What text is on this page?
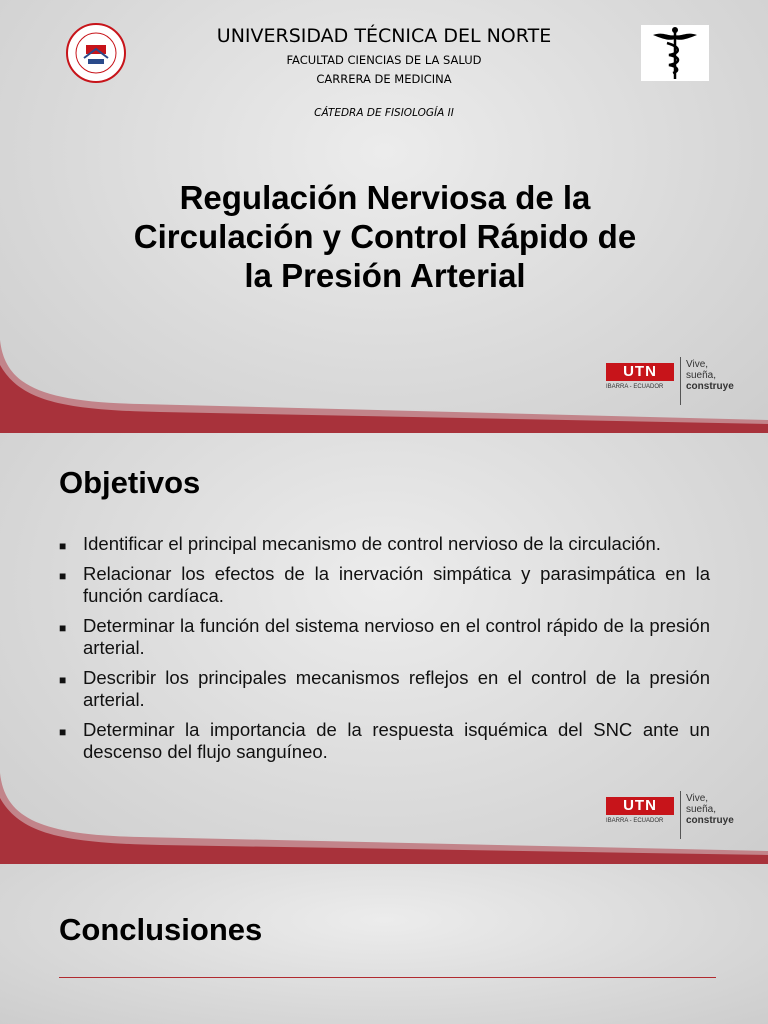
UNIVERSIDAD TÉCNICA DEL NORTE
FACULTAD CIENCIAS DE LA SALUD
CARRERA DE MEDICINA
CÁTEDRA DE FISIOLOGÍA II
Regulación Nerviosa de la
Circulación y Control Rápido de
la Presión Arterial
UTN
IBARRA - ECUADOR
Vive,
sueña,
construye
Objetivos
■ Identificar el principal mecanismo de control nervioso de la circulación.
■ Relacionar los efectos de la inervación simpática y parasimpática en la función cardíaca.
■ Determinar la función del sistema nervioso en el control rápido de la presión arterial.
■ Describir los principales mecanismos reflejos en el control de la presión arterial.
■ Determinar la importancia de la respuesta isquémica del SNC ante un descenso del flujo sanguíneo.
UTN
IBARRA - ECUADOR
Vive,
sueña,
construye
Conclusiones
